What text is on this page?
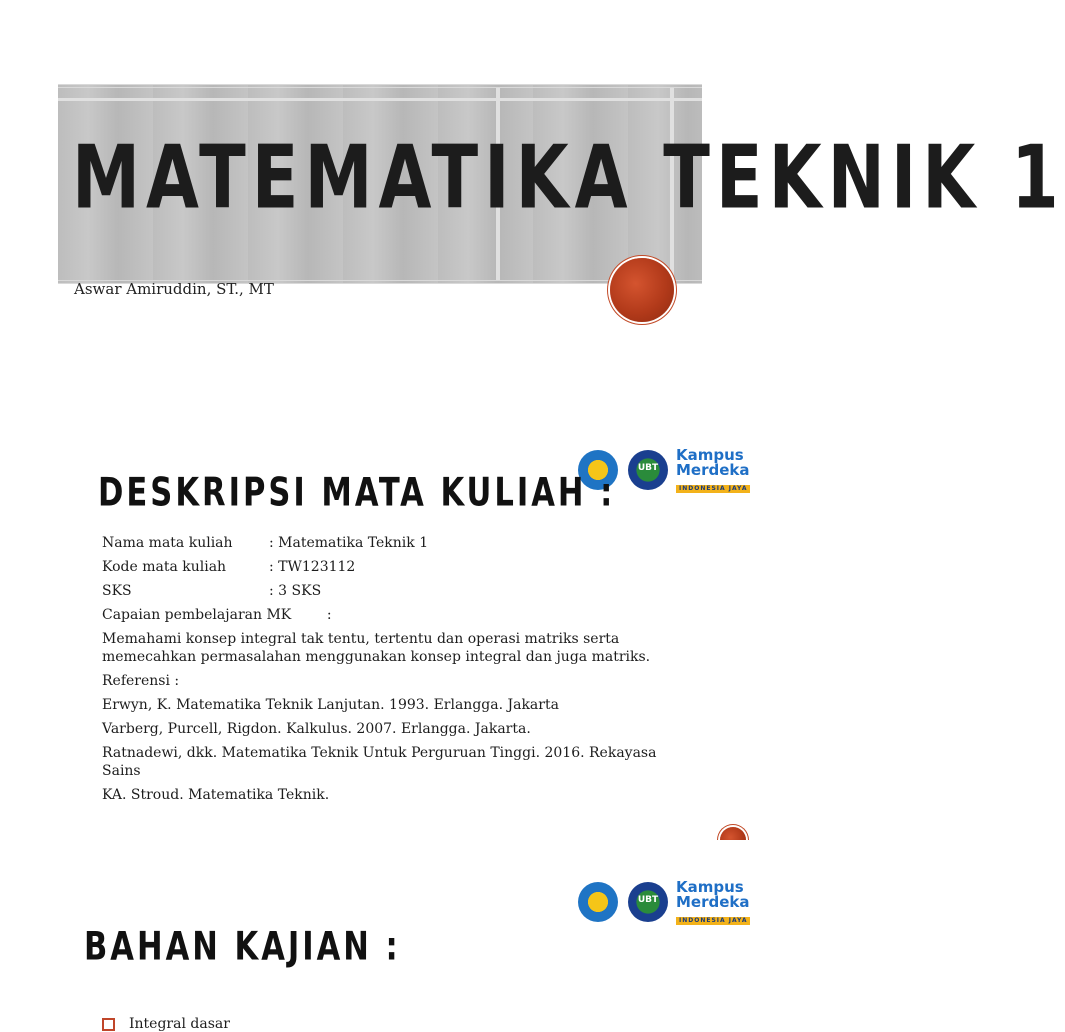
MATEMATIKA TEKNIK 1
Aswar Amiruddin, ST., MT
UBT
Kampus
Merdeka
INDONESIA JAYA
DESKRIPSI MATA KULIAH :
Nama mata kuliah	: Matematika Teknik 1
Kode mata kuliah	: TW123112
SKS	: 3 SKS
Capaian pembelajaran MK        :
Memahami konsep integral tak tentu, tertentu dan operasi matriks serta memecahkan permasalahan menggunakan konsep integral dan juga matriks.
Referensi :
Erwyn, K. Matematika Teknik Lanjutan. 1993. Erlangga. Jakarta
Varberg, Purcell, Rigdon. Kalkulus. 2007. Erlangga. Jakarta.
Ratnadewi, dkk. Matematika Teknik Untuk Perguruan Tinggi. 2016. Rekayasa Sains
KA. Stroud. Matematika Teknik.
UBT
Kampus
Merdeka
INDONESIA JAYA
BAHAN KAJIAN :
Integral dasar
